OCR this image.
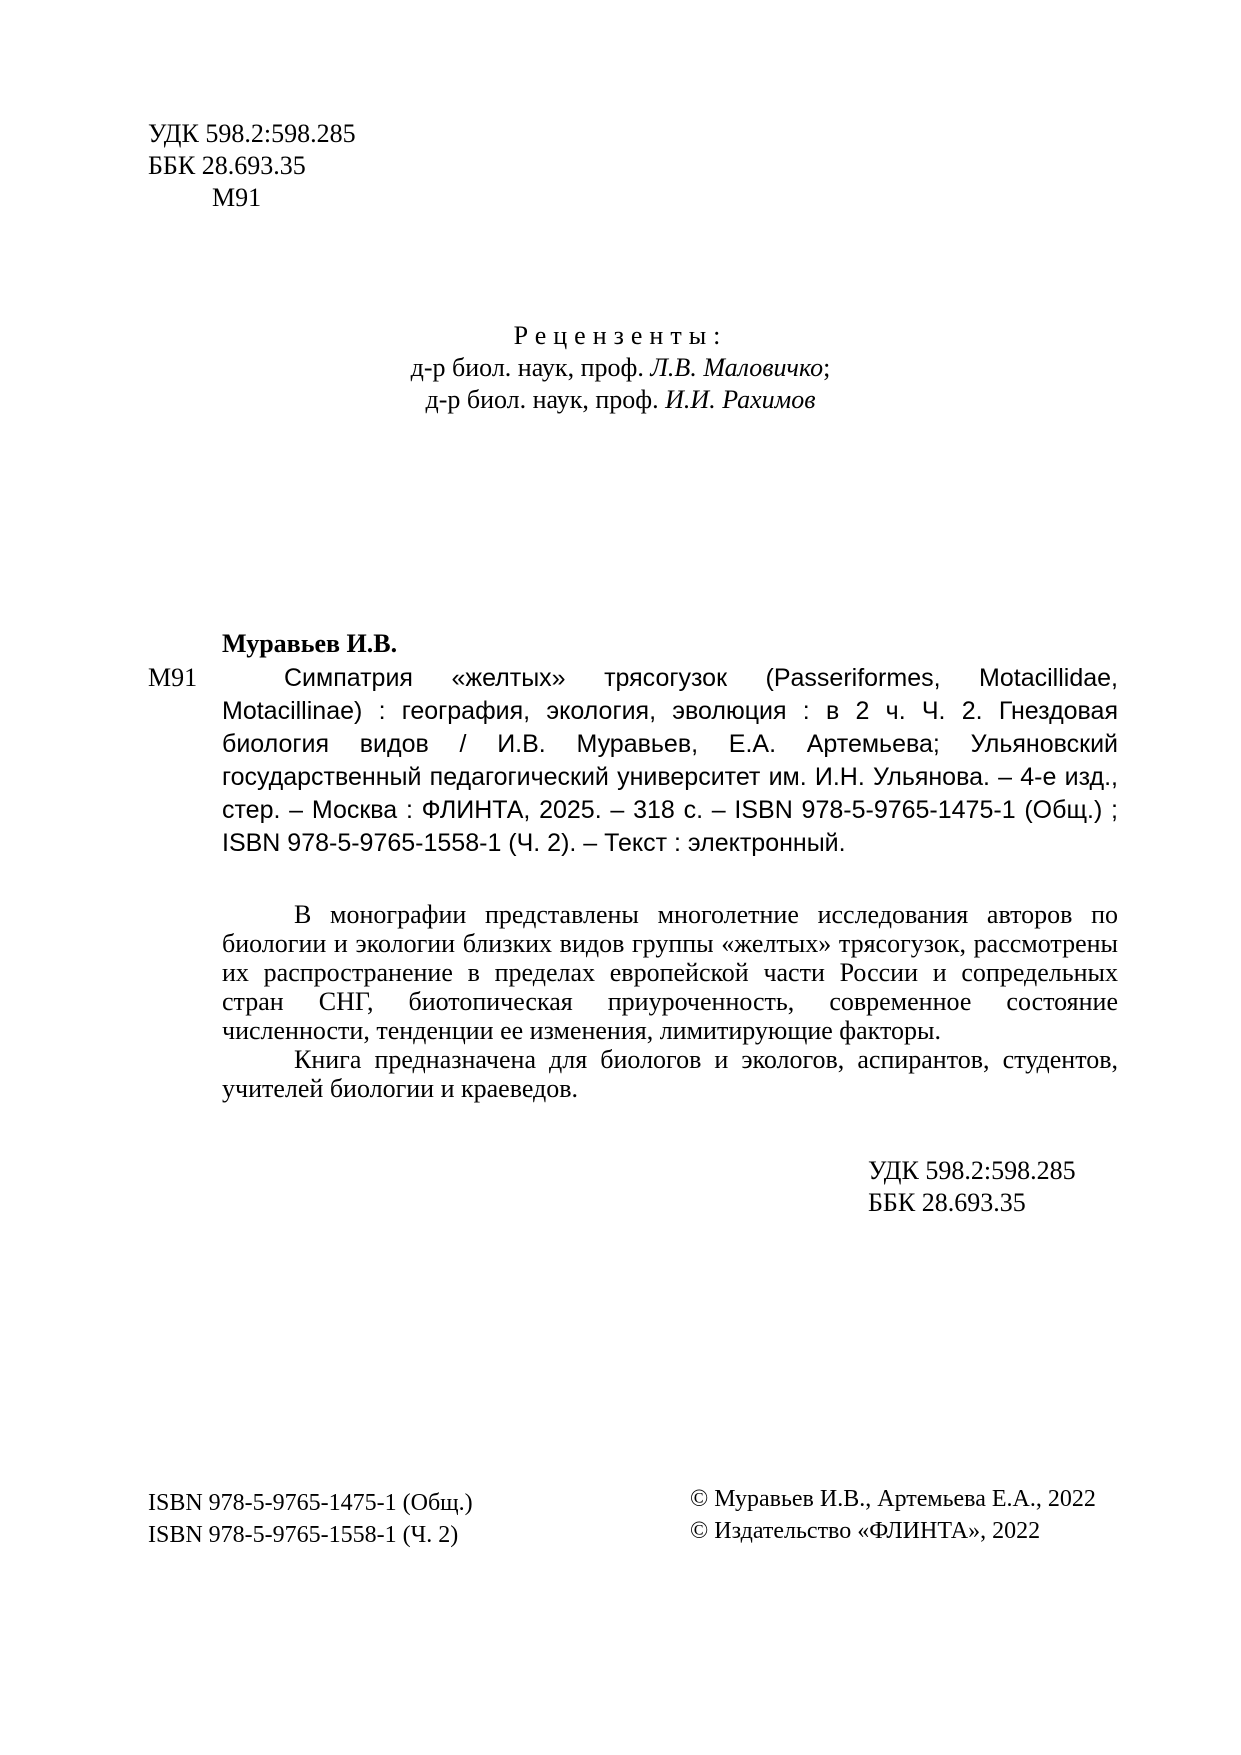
УДК 598.2:598.285
ББК 28.693.35
М91
Рецензенты:
д-р биол. наук, проф. Л.В. Маловичко;
д-р биол. наук, проф. И.И. Рахимов
Муравьев И.В.
М91	Симпатрия «желтых» трясогузок (Passeriformes, Motacillidae, Motacillinae) : география, экология, эволюция : в 2 ч. Ч. 2. Гнездовая биология видов / И.В. Муравьев, Е.А. Артемьева; Ульяновский государственный педагогический университет им. И.Н. Ульянова. – 4-е изд., стер. – Москва : ФЛИНТА, 2025. – 318 с. – ISBN 978-5-9765-1475-1 (Общ.) ; ISBN 978-5-9765-1558-1 (Ч. 2). – Текст : электронный.

В монографии представлены многолетние исследования авторов по биологии и экологии близких видов группы «желтых» трясогузок, рассмотрены их распространение в пределах европейской части России и сопредельных стран СНГ, биотопическая приуроченность, современное состояние численности, тенденции ее изменения, лимитирующие факторы.

Книга предназначена для биологов и экологов, аспирантов, студентов, учителей биологии и краеведов.

УДК 598.2:598.285
ББК 28.693.35
ISBN 978-5-9765-1475-1 (Общ.)
ISBN 978-5-9765-1558-1 (Ч. 2)
© Муравьев И.В., Артемьева Е.А., 2022
© Издательство «ФЛИНТА», 2022
